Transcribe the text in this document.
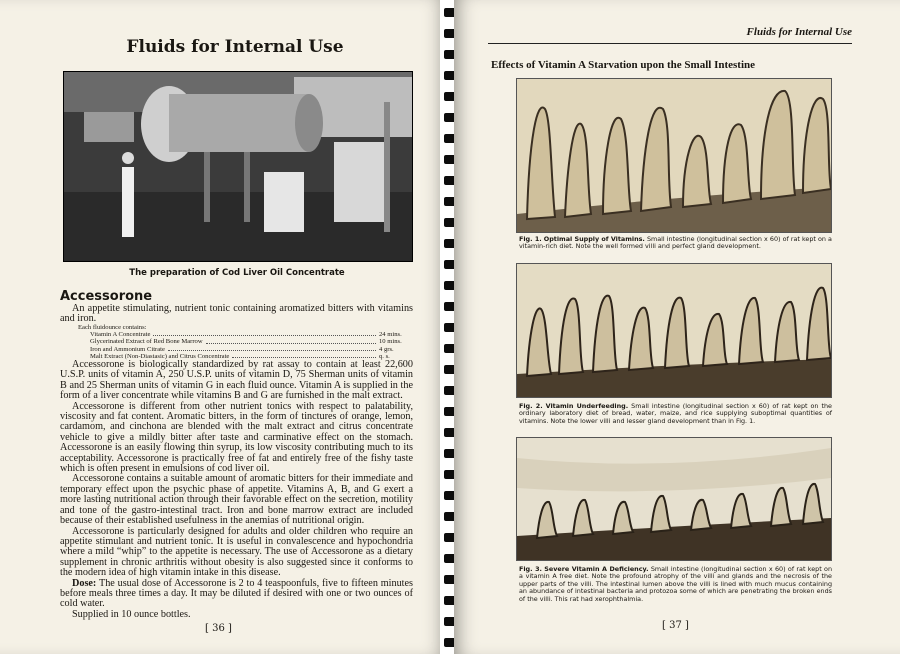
Fluids for Internal Use
The preparation of Cod Liver Oil Concentrate
Accessorone

An appetite stimulating, nutrient tonic containing aromatized bitters with vitamins and iron.

Each fluidounce contains:
Vitamin A Concentrate	24 mins.
Glycerinated Extract of Red Bone Marrow	10 mins.
Iron and Ammonium Citrate	4 grs.
Malt Extract (Non-Diastasic) and Citrus Concentrate	q. s.

Accessorone is biologically standardized by rat assay to contain at least 22,600 U.S.P. units of vitamin A, 250 U.S.P. units of vitamin D, 75 Sherman units of vitamin B and 25 Sherman units of vitamin G in each fluid ounce. Vitamin A is supplied in the form of a liver concentrate while vitamins B and G are furnished in the malt extract.

Accessorone is different from other nutrient tonics with respect to palatability, viscosity and fat content. Aromatic bitters, in the form of tinctures of orange, lemon, cardamom, and cinchona are blended with the malt extract and citrus concentrate vehicle to give a mildly bitter after taste and carminative effect on the stomach. Accessorone is an easily flowing thin syrup, its low viscosity contributing much to its acceptability. Accessorone is practically free of fat and entirely free of the fishy taste which is often present in emulsions of cod liver oil.

Accessorone contains a suitable amount of aromatic bitters for their immediate and temporary effect upon the psychic phase of appetite. Vitamins A, B, and G exert a more lasting nutritional action through their favorable effect on the secretion, motility and tone of the gastro-intestinal tract. Iron and bone marrow extract are included because of their established usefulness in the anemias of nutritional origin.

Accessorone is particularly designed for adults and older children who require an appetite stimulant and nutrient tonic. It is useful in convalescence and hypochondria where a mild “whip” to the appetite is necessary. The use of Accessorone as a dietary supplement in chronic arthritis without obesity is also suggested since it conforms to the modern idea of high vitamin intake in this disease.

Dose: The usual dose of Accessorone is 2 to 4 teaspoonfuls, five to fifteen minutes before meals three times a day. It may be diluted if desired with one or two ounces of cold water.

Supplied in 10 ounce bottles.

[ 36 ]
Fluids for Internal Use
Effects of Vitamin A Starvation upon the Small Intestine
Fig. 1. Optimal Supply of Vitamins. Small intestine (longitudinal section x 60) of rat kept on a vitamin-rich diet. Note the well formed villi and perfect gland development.
Fig. 2. Vitamin Underfeeding. Small intestine (longitudinal section x 60) of rat kept on the ordinary laboratory diet of bread, water, maize, and rice supplying suboptimal quantities of vitamins. Note the lower villi and lesser gland development than in Fig. 1.
Fig. 3. Severe Vitamin A Deficiency. Small intestine (longitudinal section x 60) of rat kept on a vitamin A free diet. Note the profound atrophy of the villi and glands and the necrosis of the upper parts of the villi. The intestinal lumen above the villi is lined with much mucus containing an abundance of intestinal bacteria and protozoa some of which are penetrating the broken ends of the villi. This rat had xerophthalmia.
[ 37 ]
